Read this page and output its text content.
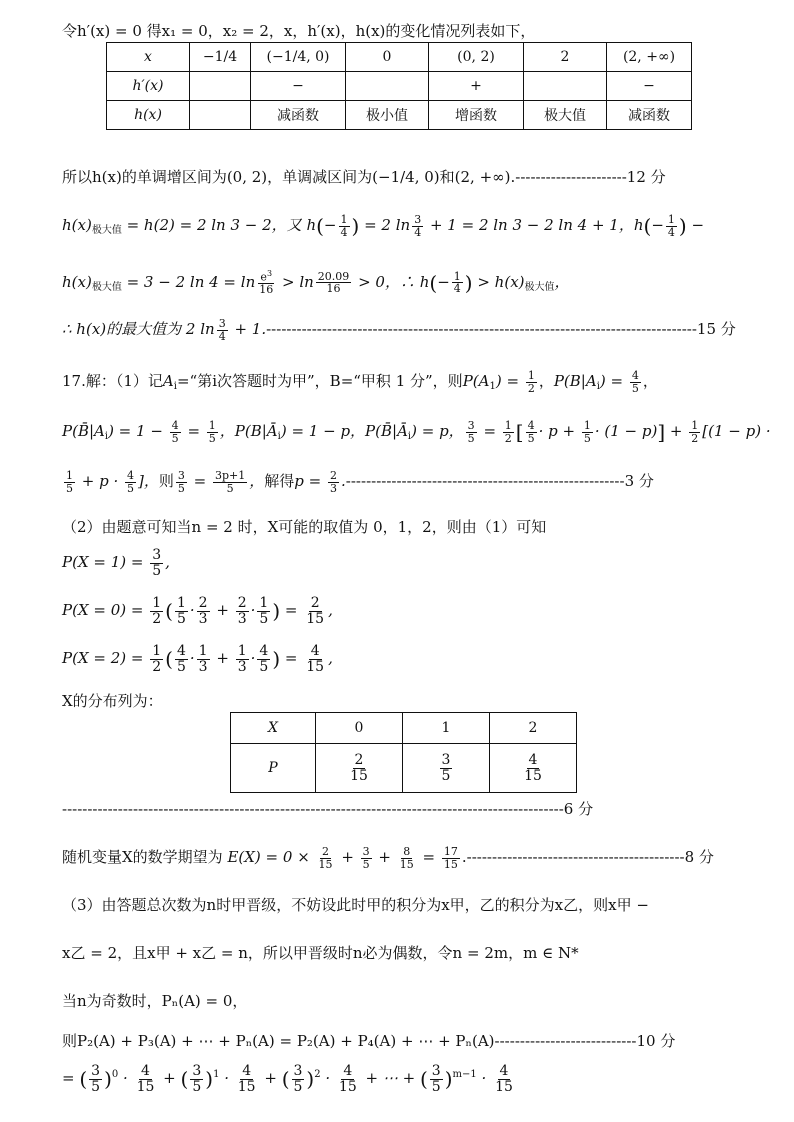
令h′(x) = 0 得x₁ = 0，x₂ = 2，x，h′(x)，h(x)的变化情况列表如下，
x	−1/4	(−1/4, 0)	0	(0, 2)	2	(2, +∞)
h′(x)		−		+		−
h(x)		减函数	极小值	增函数	极大值	减函数
所以h(x)的单调增区间为(0, 2)，单调减区间为(−1/4, 0)和(2, +∞).----------------------12 分
$h(x)_{极大值} = h(2) = 2$ ln 3 − 2，又 $h(- \frac{1}{4}$ ) = 2 $\ln \frac{3}{4} + 1 = 2$ ln 3 − 2 ln 4 + 1，$h(- \frac{1}{4}$ ) −
$h(x)_{极大值} = 3 - 2$ $\ln 4 = \ln \frac{e^3}{16} > \ln \frac{20.09}{16} > 0$，∴ $h(- \frac{1}{4}$ ) > $h(x)_{极大值}$，
∴ h(x)的最大值为 2 $\ln \frac{3}{4} + 1.-------------------------------------------------------------------------------------15$ 分
17.解：（1）记$A_i=“$第i次答题时为甲”，B=“甲积 1 分”，则$P(A_1) = \frac{1}{2}$ ，$P(B|A_i) = \frac{4}{5}$ ，
$P(B̄|A_i) = 1 - \frac{4}{5} = \frac{1}{5}$ ，$P(B|Ā_i) = 1 - p$，$P(B̄|Ā_i) = p$， $\frac{3}{5} = \frac{1}{2}$ [ $\frac{4}{5} \cdot p + \frac{1}{5} \cdot (1 - p)] + \frac{1}{2} [(1 - p)$ ·
$\frac{1}{5} + p \cdot \frac{4}{5}$ ]，则 $\frac{3}{5} = \frac{3p+1}{5}$ ，解得$p = \frac{2}{3} .-------------------------------------------------------3$ 分
（2）由题意可知当n = 2 时，X可能的取值为 0，1，2，则由（1）可知
$P(X = 1) = \frac{3}{5}$ ,
$P(X = 0) = \frac{1}{2}$ ( $\frac{1}{5} \cdot \frac{2}{3} + \frac{2}{3} \cdot \frac{1}{5}$ ) = $\frac{2}{15}$ ,
$P(X = 2) = \frac{1}{2}$ ( $\frac{4}{5} \cdot \frac{1}{3} + \frac{1}{3} \cdot \frac{4}{5}$ ) = $\frac{4}{15}$ ,
X的分布列为：
X	0	1	2
P	$\frac{2}{15}$	$\frac{3}{5}$	$\frac{4}{15}$
---------------------------------------------------------------------------------------------------6 分
随机变量X的数学期望为 $E(X) = 0 \times \frac{2}{15} + \frac{3}{5} + \frac{8}{15} = \frac{17}{15} .-------------------------------------------8$ 分
（3）由答题总次数为n时甲晋级，不妨设此时甲的积分为x甲，乙的积分为x乙，则x甲 −
x乙 = 2，且x甲 + x乙 = n，所以甲晋级时n必为偶数，令n = 2m，m ∈ N*
当n为奇数时，Pₙ(A) = 0，
则P₂(A) + P₃(A) + ⋯ + Pₙ(A) = P₂(A) + P₄(A) + ⋯ + Pₙ(A)----------------------------10 分
= ( $\frac{3}{5} )^0 \cdot \frac{4}{15}$ + ( $\frac{3}{5} )^1 \cdot \frac{4}{15}$ + ( $\frac{3}{5} )^2 \cdot \frac{4}{15}$ + ⋯ + ( $\frac{3}{5} )^{m-1} \cdot \frac{4}{15}$
